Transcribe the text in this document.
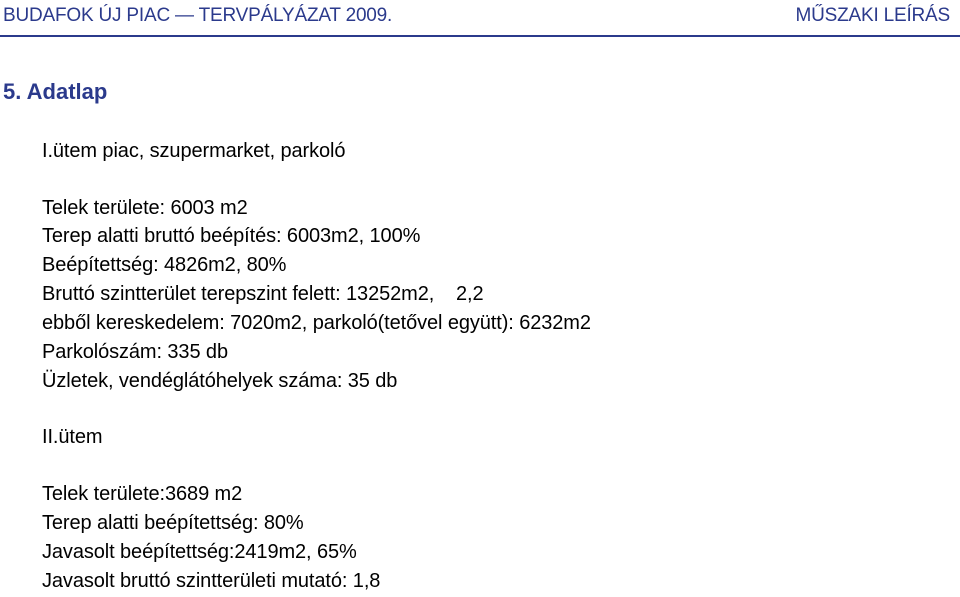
BUDAFOK ÚJ PIAC — TERVPÁLYÁZAT 2009.	MŰSZAKI LEÍRÁS
5. Adatlap
I.ütem piac, szupermarket, parkoló
Telek területe: 6003 m2
Terep alatti bruttó beépítés: 6003m2, 100%
Beépítettség: 4826m2, 80%
Bruttó szintterület terepszint felett: 13252m2,    2,2
ebből kereskedelem: 7020m2, parkoló(tetővel együtt): 6232m2
Parkolószám: 335 db
Üzletek, vendéglátóhelyek száma: 35 db
II.ütem
Telek területe:3689 m2
Terep alatti beépítettség: 80%
Javasolt beépítettség:2419m2, 65%
Javasolt bruttó szintterületi mutató: 1,8
